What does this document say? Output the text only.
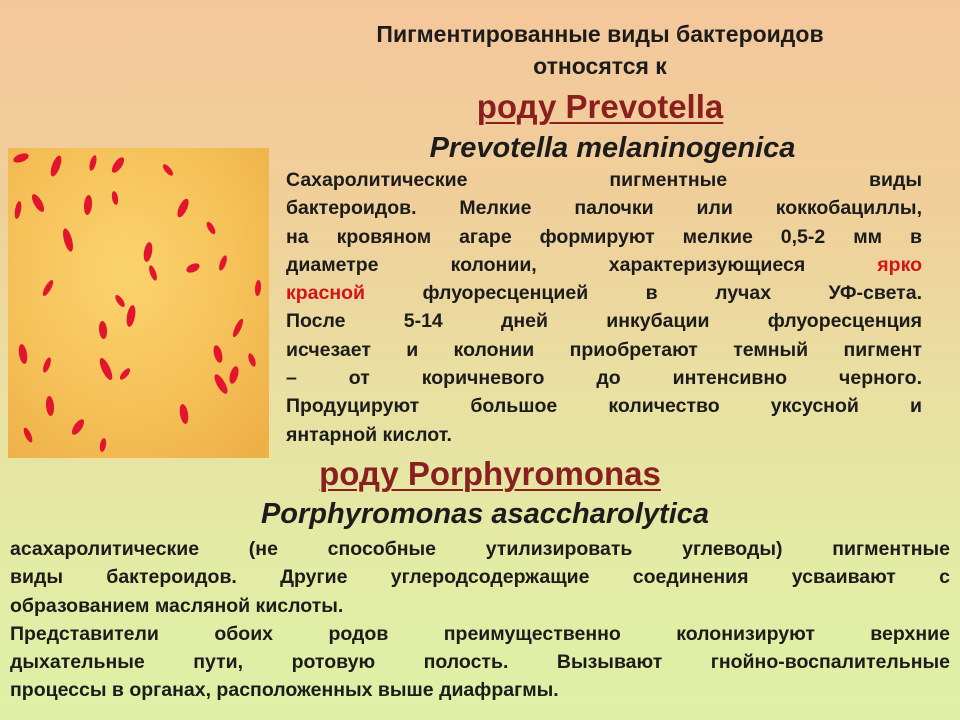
Пигментированные виды бактероидов
относятся к
роду Prevotella
Prevotella melaninogenica
Сахаролитические пигментные виды
бактероидов. Мелкие палочки или коккобациллы,
на кровяном агаре формируют мелкие 0,5-2 мм в
диаметре колонии, характеризующиеся	ярко
красной	флуоресценцией в лучах УФ-света.
После 5-14 дней инкубации флуоресценция
исчезает и колонии приобретают темный пигмент
– от коричневого до интенсивно черного.
Продуцируют большое количество уксусной и
янтарной кислот.
роду Porphyromonas
Porphyromonas asaccharolytica
асахаролитические (не способные утилизировать углеводы) пигментные
виды бактероидов. Другие углеродсодержащие соединения усваивают с
образованием масляной кислоты.
Представители обоих родов преимущественно колонизируют верхние
дыхательные пути, ротовую полость. Вызывают гнойно-воспалительные
процессы в органах, расположенных выше диафрагмы.
